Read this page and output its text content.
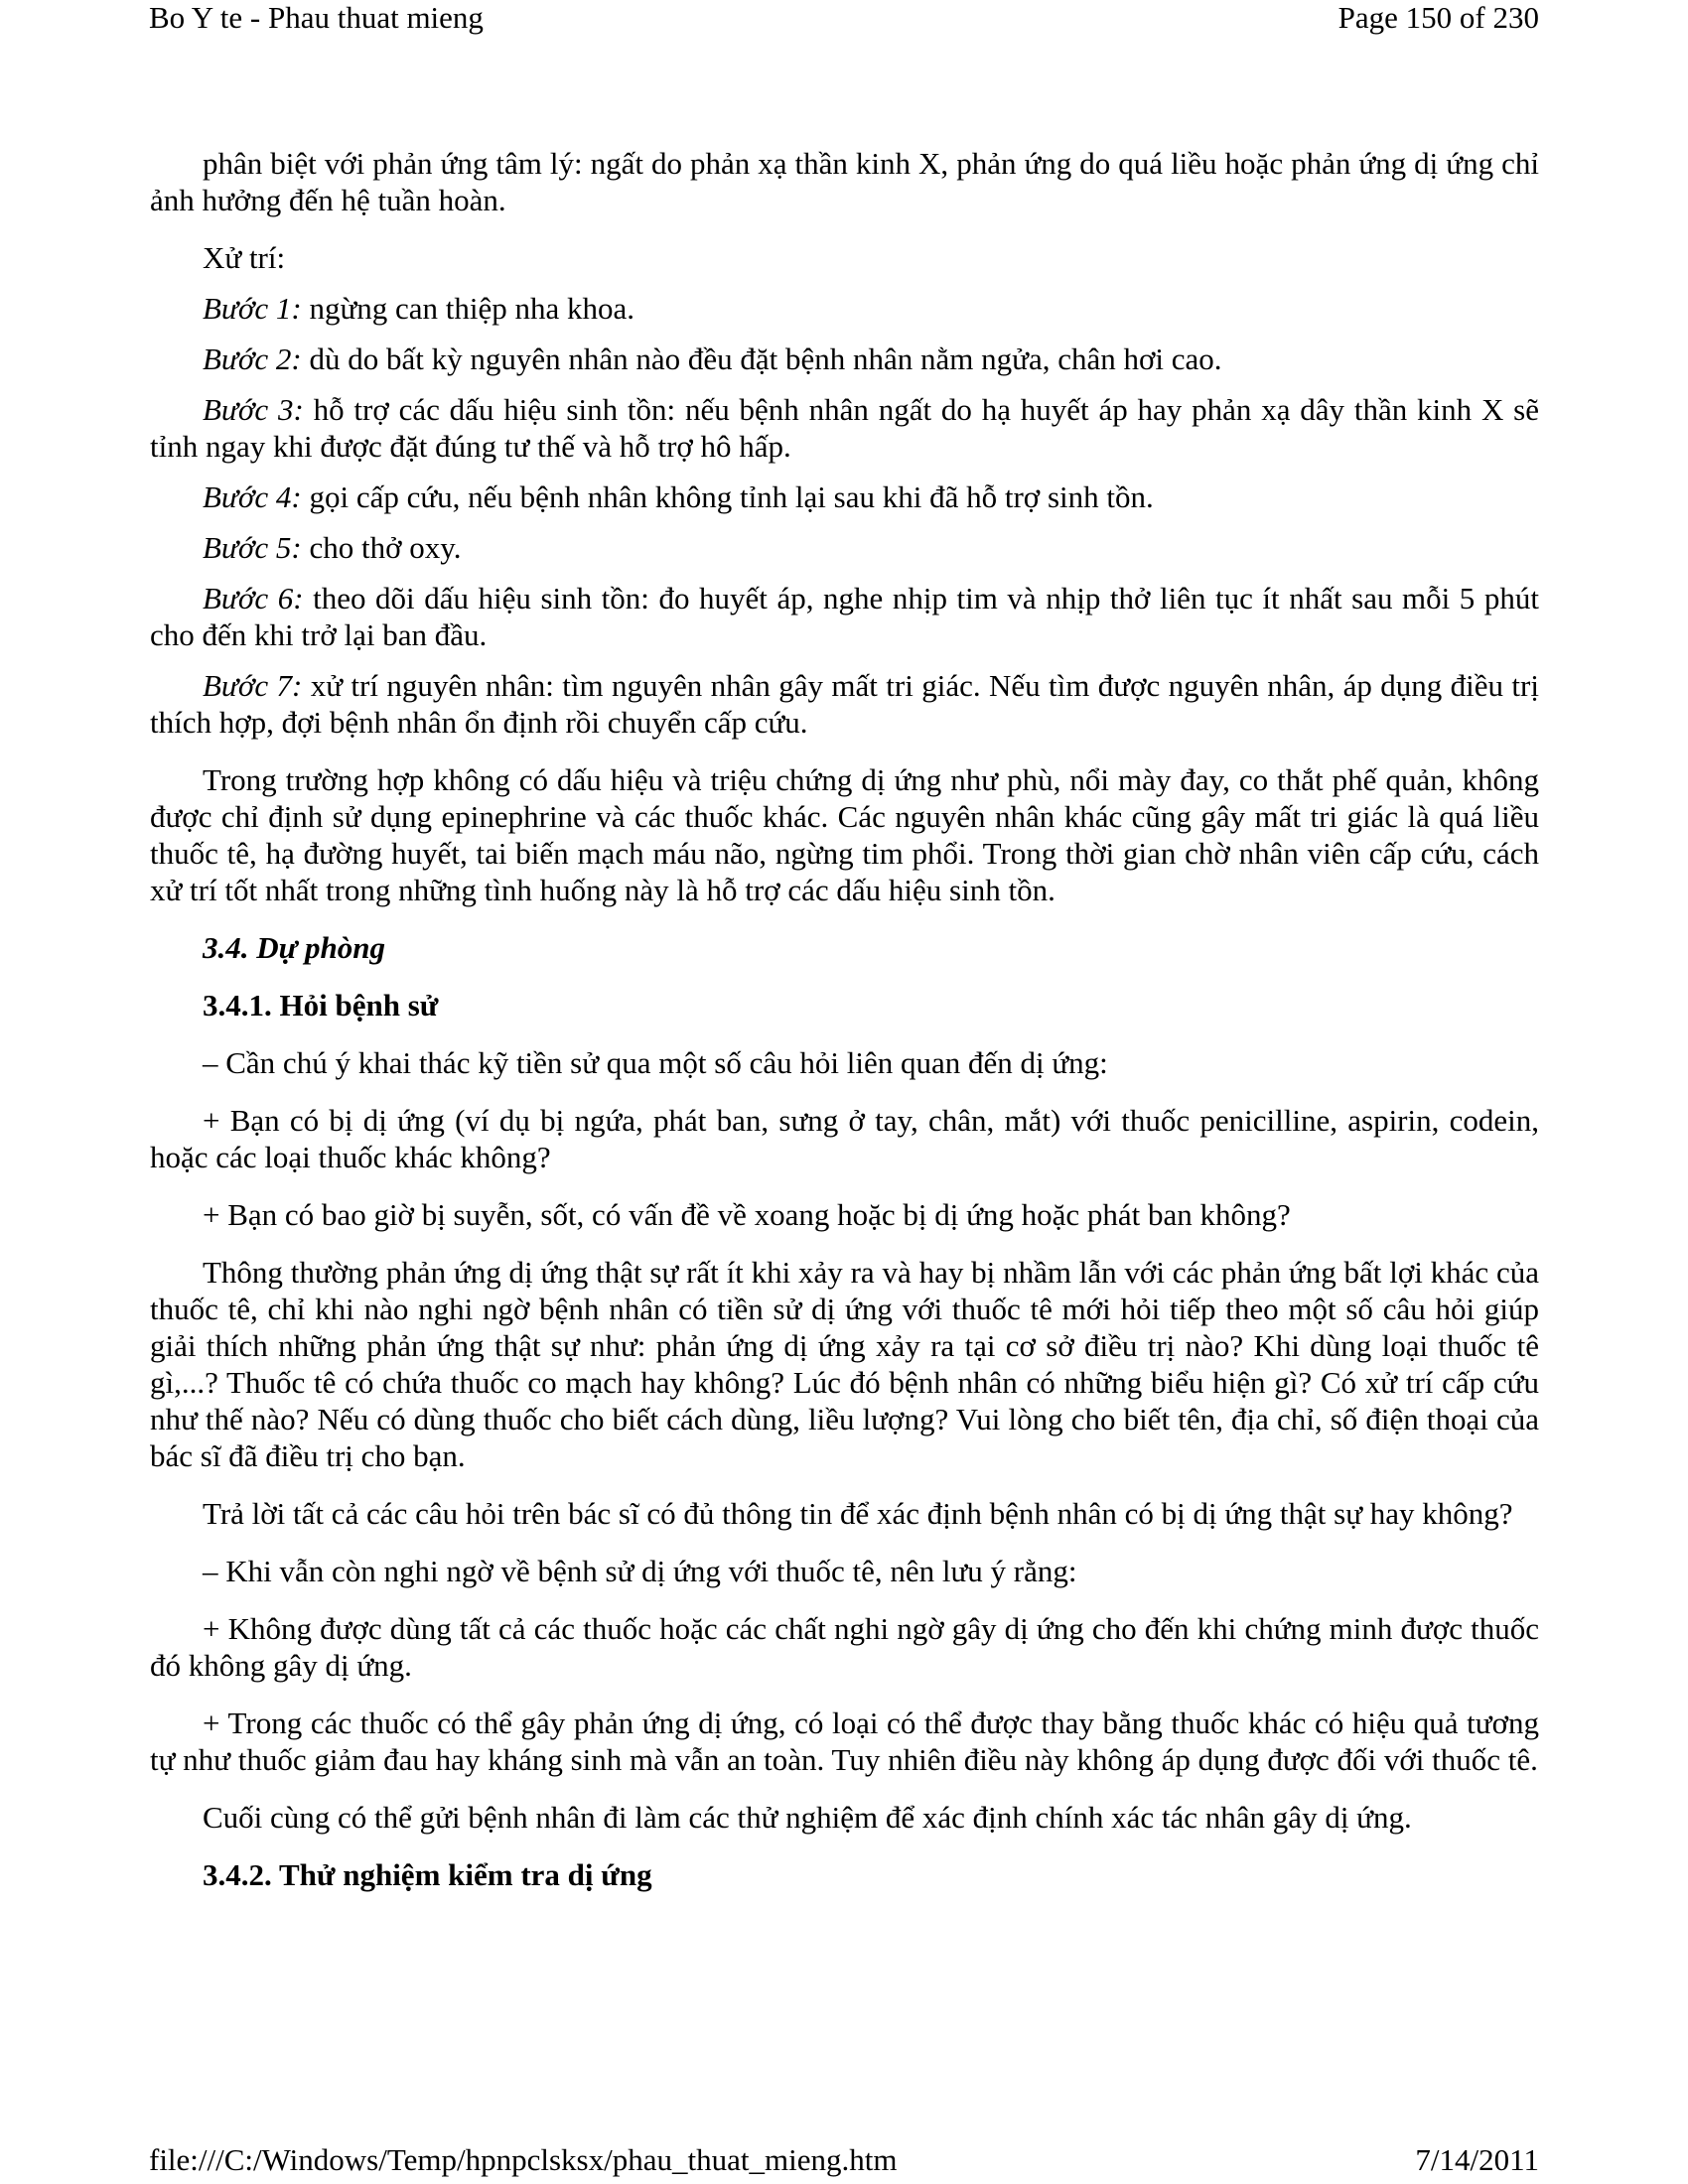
Bo Y te - Phau thuat mieng	Page 150 of 230

phân biệt với phản ứng tâm lý: ngất do phản xạ thần kinh X, phản ứng do quá liều hoặc phản ứng dị ứng chỉ ảnh hưởng đến hệ tuần hoàn.

Xử trí:

Bước 1: ngừng can thiệp nha khoa.

Bước 2: dù do bất kỳ nguyên nhân nào đều đặt bệnh nhân nằm ngửa, chân hơi cao.

Bước 3: hỗ trợ các dấu hiệu sinh tồn: nếu bệnh nhân ngất do hạ huyết áp hay phản xạ dây thần kinh X sẽ tỉnh ngay khi được đặt đúng tư thế và hỗ trợ hô hấp.

Bước 4: gọi cấp cứu, nếu bệnh nhân không tỉnh lại sau khi đã hỗ trợ sinh tồn.

Bước 5: cho thở oxy.

Bước 6: theo dõi dấu hiệu sinh tồn: đo huyết áp, nghe nhịp tim và nhịp thở liên tục ít nhất sau mỗi 5 phút cho đến khi trở lại ban đầu.

Bước 7: xử trí nguyên nhân: tìm nguyên nhân gây mất tri giác. Nếu tìm được nguyên nhân, áp dụng điều trị thích hợp, đợi bệnh nhân ổn định rồi chuyển cấp cứu.

Trong trường hợp không có dấu hiệu và triệu chứng dị ứng như phù, nổi mày đay, co thắt phế quản, không được chỉ định sử dụng epinephrine và các thuốc khác. Các nguyên nhân khác cũng gây mất tri giác là quá liều thuốc tê, hạ đường huyết, tai biến mạch máu não, ngừng tim phổi. Trong thời gian chờ nhân viên cấp cứu, cách xử trí tốt nhất trong những tình huống này là hỗ trợ các dấu hiệu sinh tồn.

3.4. Dự phòng
3.4.1. Hỏi bệnh sử

– Cần chú ý khai thác kỹ tiền sử qua một số câu hỏi liên quan đến dị ứng:

+ Bạn có bị dị ứng (ví dụ bị ngứa, phát ban, sưng ở tay, chân, mắt) với thuốc penicilline, aspirin, codein, hoặc các loại thuốc khác không?

+ Bạn có bao giờ bị suyễn, sốt, có vấn đề về xoang hoặc bị dị ứng hoặc phát ban không?

Thông thường phản ứng dị ứng thật sự rất ít khi xảy ra và hay bị nhầm lẫn với các phản ứng bất lợi khác của thuốc tê, chỉ khi nào nghi ngờ bệnh nhân có tiền sử dị ứng với thuốc tê mới hỏi tiếp theo một số câu hỏi giúp giải thích những phản ứng thật sự như: phản ứng dị ứng xảy ra tại cơ sở điều trị nào? Khi dùng loại thuốc tê gì,...? Thuốc tê có chứa thuốc co mạch hay không? Lúc đó bệnh nhân có những biểu hiện gì? Có xử trí cấp cứu như thế nào? Nếu có dùng thuốc cho biết cách dùng, liều lượng? Vui lòng cho biết tên, địa chỉ, số điện thoại của bác sĩ đã điều trị cho bạn.

Trả lời tất cả các câu hỏi trên bác sĩ có đủ thông tin để xác định bệnh nhân có bị dị ứng thật sự hay không?

– Khi vẫn còn nghi ngờ về bệnh sử dị ứng với thuốc tê, nên lưu ý rằng:

+ Không được dùng tất cả các thuốc hoặc các chất nghi ngờ gây dị ứng cho đến khi chứng minh được thuốc đó không gây dị ứng.

+ Trong các thuốc có thể gây phản ứng dị ứng, có loại có thể được thay bằng thuốc khác có hiệu quả tương tự như thuốc giảm đau hay kháng sinh mà vẫn an toàn. Tuy nhiên điều này không áp dụng được đối với thuốc tê.

Cuối cùng có thể gửi bệnh nhân đi làm các thử nghiệm để xác định chính xác tác nhân gây dị ứng.

3.4.2. Thử nghiệm kiểm tra dị ứng
file:///C:/Windows/Temp/hpnpclsksx/phau_thuat_mieng.htm	7/14/2011
